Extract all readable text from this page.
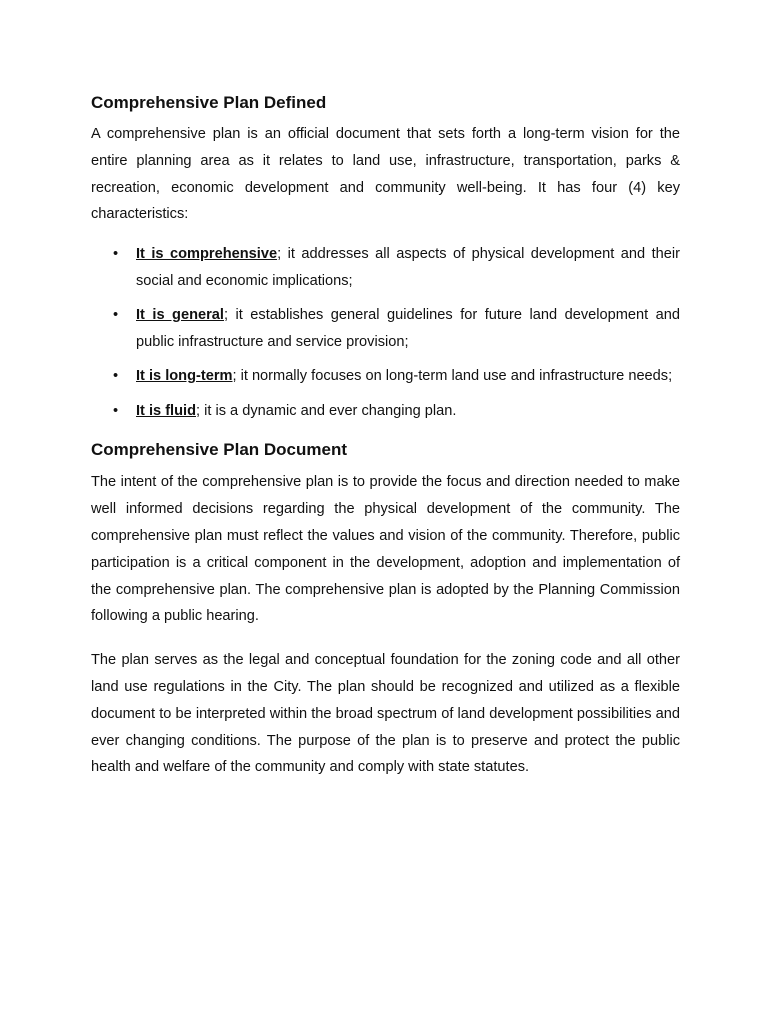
Comprehensive Plan Defined

A comprehensive plan is an official document that sets forth a long-term vision for the entire planning area as it relates to land use, infrastructure, transportation, parks & recreation, economic development and community well-being. It has four (4) key characteristics:

• It is comprehensive; it addresses all aspects of physical development and their social and economic implications;
• It is general; it establishes general guidelines for future land development and public infrastructure and service provision;
• It is long-term; it normally focuses on long-term land use and infrastructure needs;
• It is fluid; it is a dynamic and ever changing plan.
Comprehensive Plan Document

The intent of the comprehensive plan is to provide the focus and direction needed to make well informed decisions regarding the physical development of the community. The comprehensive plan must reflect the values and vision of the community. Therefore, public participation is a critical component in the development, adoption and implementation of the comprehensive plan. The comprehensive plan is adopted by the Planning Commission following a public hearing.

The plan serves as the legal and conceptual foundation for the zoning code and all other land use regulations in the City. The plan should be recognized and utilized as a flexible document to be interpreted within the broad spectrum of land development possibilities and ever changing conditions. The purpose of the plan is to preserve and protect the public health and welfare of the community and comply with state statutes.
